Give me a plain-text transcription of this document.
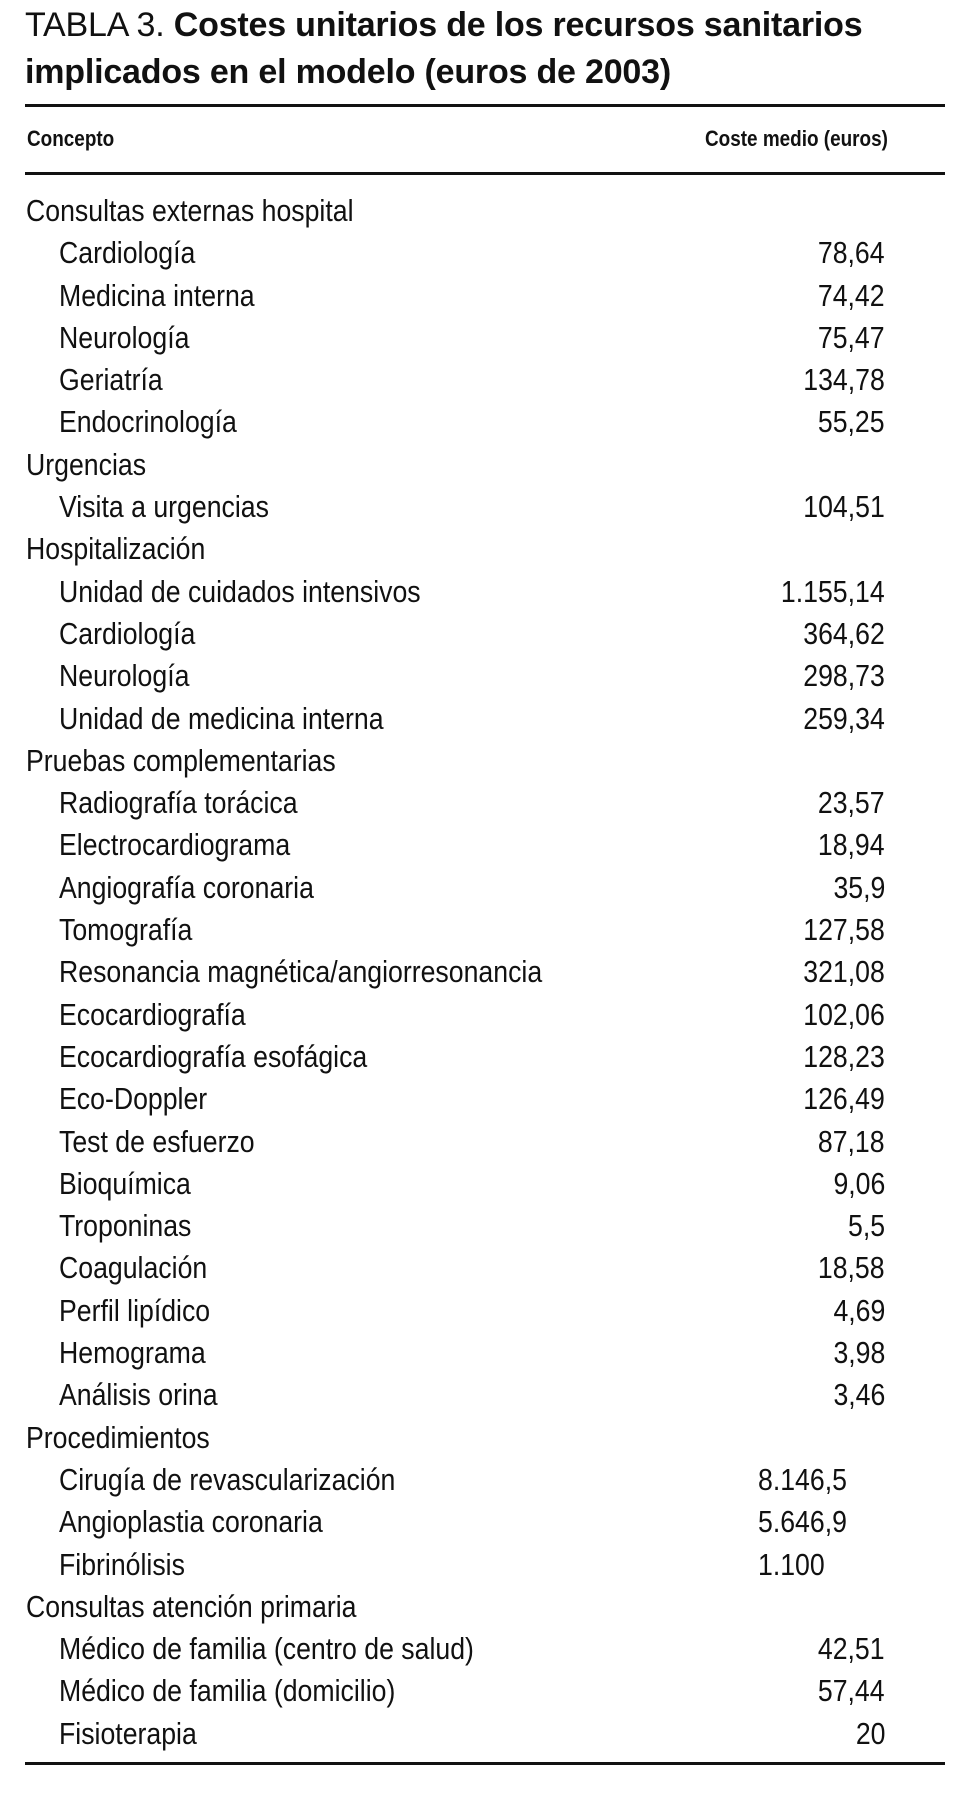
TABLA 3. Costes unitarios de los recursos sanitarios implicados en el modelo (euros de 2003)
Concepto	Coste medio (euros)
Consultas externas hospital
Cardiología	78,64
Medicina interna	74,42
Neurología	75,47
Geriatría	134,78
Endocrinología	55,25
Urgencias
Visita a urgencias	104,51
Hospitalización
Unidad de cuidados intensivos	1.155,14
Cardiología	364,62
Neurología	298,73
Unidad de medicina interna	259,34
Pruebas complementarias
Radiografía torácica	23,57
Electrocardiograma	18,94
Angiografía coronaria	35,9
Tomografía	127,58
Resonancia magnética/angiorresonancia	321,08
Ecocardiografía	102,06
Ecocardiografía esofágica	128,23
Eco-Doppler	126,49
Test de esfuerzo	87,18
Bioquímica	9,06
Troponinas	5,5
Coagulación	18,58
Perfil lipídico	4,69
Hemograma	3,98
Análisis orina	3,46
Procedimientos
Cirugía de revascularización	8.146,5
Angioplastia coronaria	5.646,9
Fibrinólisis	1.100
Consultas atención primaria
Médico de familia (centro de salud)	42,51
Médico de familia (domicilio)	57,44
Fisioterapia	20
